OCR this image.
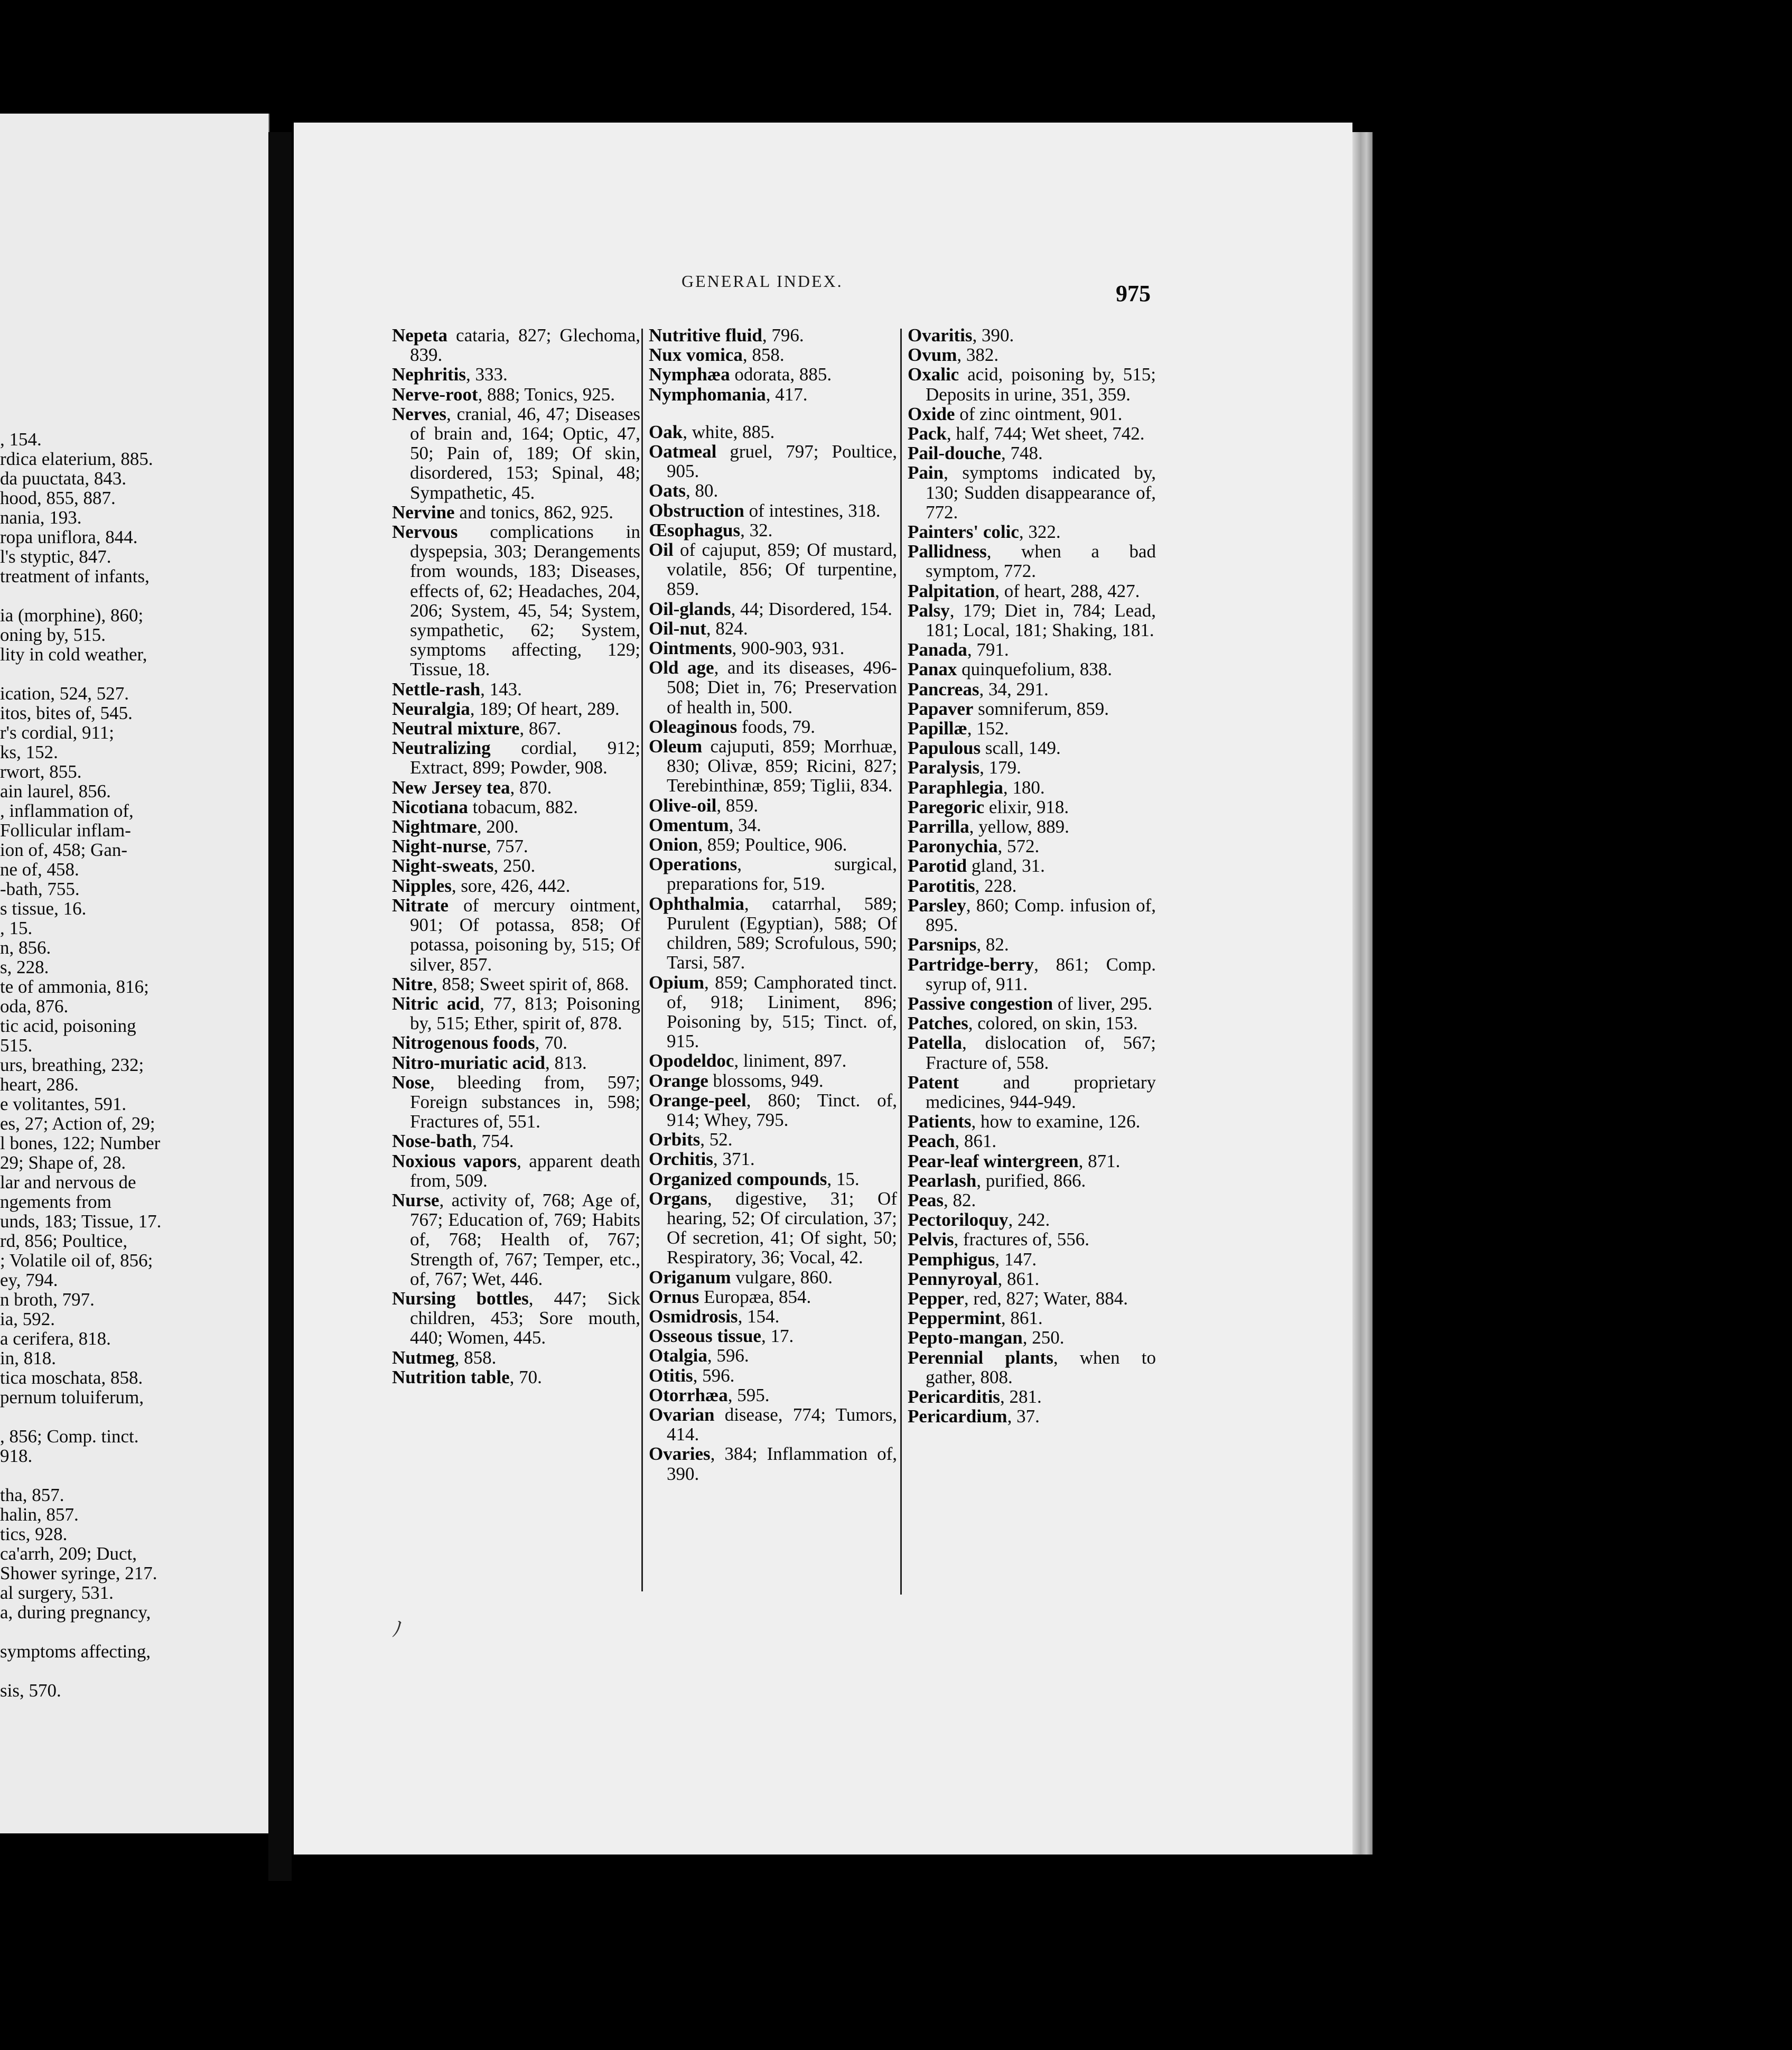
, 154.
rdica elaterium, 885.
da puuctata, 843.
hood, 855, 887.
nania, 193.
ropa uniflora, 844.
l's styptic, 847.
treatment of infants,
ia (morphine), 860;
oning by, 515.
lity in cold weather,
ication, 524, 527.
itos, bites of, 545.
r's cordial, 911;
ks, 152.
rwort, 855.
ain laurel, 856.
, inflammation of,
Follicular inflam-
ion of, 458; Gan-
ne of, 458.
-bath, 755.
s tissue, 16.
, 15.
n, 856.
s, 228.
te of ammonia, 816;
oda, 876.
tic acid, poisoning
515.
urs, breathing, 232;
heart, 286.
e volitantes, 591.
es, 27; Action of, 29;
l bones, 122; Number
29; Shape of, 28.
lar and nervous de
ngements from
unds, 183; Tissue, 17.
rd, 856; Poultice,
; Volatile oil of, 856;
ey, 794.
n broth, 797.
ia, 592.
a cerifera, 818.
in, 818.
tica moschata, 858.
pernum toluiferum,
, 856; Comp. tinct.
918.
tha, 857.
halin, 857.
tics, 928.
ca'arrh, 209; Duct,
Shower syringe, 217.
al surgery, 531.
a, during pregnancy,
symptoms affecting,
sis, 570.
GENERAL INDEX.	975

Nepeta cataria, 827; Glechoma, 839.

Nephritis, 333.

Nerve-root, 888; Tonics, 925.

Nerves, cranial, 46, 47; Diseases of brain and, 164; Optic, 47, 50; Pain of, 189; Of skin, disordered, 153; Spinal, 48; Sympathetic, 45.

Nervine and tonics, 862, 925.

Nervous complications in dyspepsia, 303; Derangements from wounds, 183; Diseases, effects of, 62; Headaches, 204, 206; System, 45, 54; System, sympathetic, 62; System, symptoms affecting, 129; Tissue, 18.

Nettle-rash, 143.

Neuralgia, 189; Of heart, 289.

Neutral mixture, 867.

Neutralizing cordial, 912; Extract, 899; Powder, 908.

New Jersey tea, 870.

Nicotiana tobacum, 882.

Nightmare, 200.

Night-nurse, 757.

Night-sweats, 250.

Nipples, sore, 426, 442.

Nitrate of mercury ointment, 901; Of potassa, 858; Of potassa, poisoning by, 515; Of silver, 857.

Nitre, 858; Sweet spirit of, 868.

Nitric acid, 77, 813; Poisoning by, 515; Ether, spirit of, 878.

Nitrogenous foods, 70.

Nitro-muriatic acid, 813.

Nose, bleeding from, 597; Foreign substances in, 598; Fractures of, 551.

Nose-bath, 754.

Noxious vapors, apparent death from, 509.

Nurse, activity of, 768; Age of, 767; Education of, 769; Habits of, 768; Health of, 767; Strength of, 767; Temper, etc., of, 767; Wet, 446.

Nursing bottles, 447; Sick children, 453; Sore mouth, 440; Women, 445.

Nutmeg, 858.

Nutrition table, 70.

Nutritive fluid, 796.

Nux vomica, 858.

Nymphæa odorata, 885.

Nymphomania, 417.

Oak, white, 885.

Oatmeal gruel, 797; Poultice, 905.

Oats, 80.

Obstruction of intestines, 318.

Œsophagus, 32.

Oil of cajuput, 859; Of mustard, volatile, 856; Of turpentine, 859.

Oil-glands, 44; Disordered, 154.

Oil-nut, 824.

Ointments, 900-903, 931.

Old age, and its diseases, 496-508; Diet in, 76; Preservation of health in, 500.

Oleaginous foods, 79.

Oleum cajuputi, 859; Morrhuæ, 830; Olivæ, 859; Ricini, 827; Terebinthinæ, 859; Tiglii, 834.

Olive-oil, 859.

Omentum, 34.

Onion, 859; Poultice, 906.

Operations, surgical, preparations for, 519.

Ophthalmia, catarrhal, 589; Purulent (Egyptian), 588; Of children, 589; Scrofulous, 590; Tarsi, 587.

Opium, 859; Camphorated tinct. of, 918; Liniment, 896; Poisoning by, 515; Tinct. of, 915.

Opodeldoc, liniment, 897.

Orange blossoms, 949.

Orange-peel, 860; Tinct. of, 914; Whey, 795.

Orbits, 52.

Orchitis, 371.

Organized compounds, 15.

Organs, digestive, 31; Of hearing, 52; Of circulation, 37; Of secretion, 41; Of sight, 50; Respiratory, 36; Vocal, 42.

Origanum vulgare, 860.

Ornus Europæa, 854.

Osmidrosis, 154.

Osseous tissue, 17.

Otalgia, 596.

Otitis, 596.

Otorrhæa, 595.

Ovarian disease, 774; Tumors, 414.

Ovaries, 384; Inflammation of, 390.

Ovaritis, 390.

Ovum, 382.

Oxalic acid, poisoning by, 515; Deposits in urine, 351, 359.

Oxide of zinc ointment, 901.

Pack, half, 744; Wet sheet, 742.

Pail-douche, 748.

Pain, symptoms indicated by, 130; Sudden disappearance of, 772.

Painters' colic, 322.

Pallidness, when a bad symptom, 772.

Palpitation, of heart, 288, 427.

Palsy, 179; Diet in, 784; Lead, 181; Local, 181; Shaking, 181.

Panada, 791.

Panax quinquefolium, 838.

Pancreas, 34, 291.

Papaver somniferum, 859.

Papillæ, 152.

Papulous scall, 149.

Paralysis, 179.

Paraphlegia, 180.

Paregoric elixir, 918.

Parrilla, yellow, 889.

Paronychia, 572.

Parotid gland, 31.

Parotitis, 228.

Parsley, 860; Comp. infusion of, 895.

Parsnips, 82.

Partridge-berry, 861; Comp. syrup of, 911.

Passive congestion of liver, 295.

Patches, colored, on skin, 153.

Patella, dislocation of, 567; Fracture of, 558.

Patent and proprietary medicines, 944-949.

Patients, how to examine, 126.

Peach, 861.

Pear-leaf wintergreen, 871.

Pearlash, purified, 866.

Peas, 82.

Pectoriloquy, 242.

Pelvis, fractures of, 556.

Pemphigus, 147.

Pennyroyal, 861.

Pepper, red, 827; Water, 884.

Peppermint, 861.

Pepto-mangan, 250.

Perennial plants, when to gather, 808.

Pericarditis, 281.

Pericardium, 37.

ﾉ
